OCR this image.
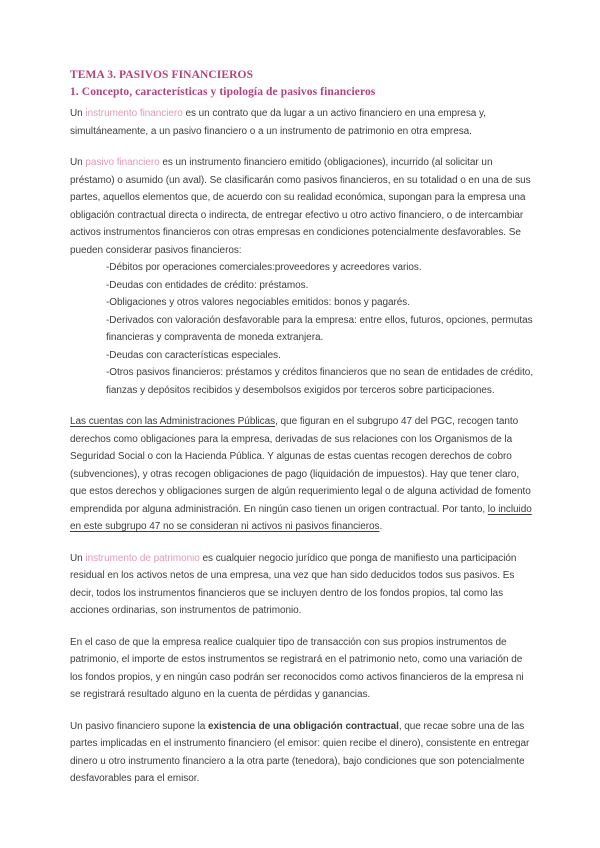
TEMA 3. PASIVOS FINANCIEROS
1. Concepto, características y tipología de pasivos financieros

Un instrumento financiero es un contrato que da lugar a un activo financiero en una empresa y, simultáneamente, a un pasivo financiero o a un instrumento de patrimonio en otra empresa.

Un pasivo financiero es un instrumento financiero emitido (obligaciones), incurrido (al solicitar un préstamo) o asumido (un aval). Se clasificarán como pasivos financieros, en su totalidad o en una de sus partes, aquellos elementos que, de acuerdo con su realidad económica, supongan para la empresa una obligación contractual directa o indirecta, de entregar efectivo u otro activo financiero, o de intercambiar activos instrumentos financieros con otras empresas en condiciones potencialmente desfavorables. Se pueden considerar pasivos financieros:

-Débitos por operaciones comerciales:proveedores y acreedores varios.

-Deudas con entidades de crédito: préstamos.

-Obligaciones y otros valores negociables emitidos: bonos y pagarés.

-Derivados con valoración desfavorable para la empresa: entre ellos, futuros, opciones, permutas financieras y compraventa de moneda extranjera.

-Deudas con características especiales.

-Otros pasivos financieros: préstamos y créditos financieros que no sean de entidades de crédito, fianzas y depósitos recibidos y desembolsos exigidos por terceros sobre participaciones.

Las cuentas con las Administraciones Públicas, que figuran en el subgrupo 47 del PGC, recogen tanto derechos como obligaciones para la empresa, derivadas de sus relaciones con los Organismos de la Seguridad Social o con la Hacienda Pública. Y algunas de estas cuentas recogen derechos de cobro (subvenciones), y otras recogen obligaciones de pago (liquidación de impuestos). Hay que tener claro, que estos derechos y obligaciones surgen de algún requerimiento legal o de alguna actividad de fomento emprendida por alguna administración. En ningún caso tienen un origen contractual. Por tanto, lo incluido en este subgrupo 47 no se consideran ni activos ni pasivos financieros.

Un instrumento de patrimonio es cualquier negocio jurídico que ponga de manifiesto una participación residual en los activos netos de una empresa, una vez que han sido deducidos todos sus pasivos. Es decir, todos los instrumentos financieros que se incluyen dentro de los fondos propios, tal como las acciones ordinarias, son instrumentos de patrimonio.

En el caso de que la empresa realice cualquier tipo de transacción con sus propios instrumentos de patrimonio, el importe de estos instrumentos se registrará en el patrimonio neto, como una variación de los fondos propios, y en ningún caso podrán ser reconocidos como activos financieros de la empresa ni se registrará resultado alguno en la cuenta de pérdidas y ganancias.

Un pasivo financiero supone la existencia de una obligación contractual, que recae sobre una de las partes implicadas en el instrumento financiero (el emisor: quien recibe el dinero), consistente en entregar dinero u otro instrumento financiero a la otra parte (tenedora), bajo condiciones que son potencialmente desfavorables para el emisor.
